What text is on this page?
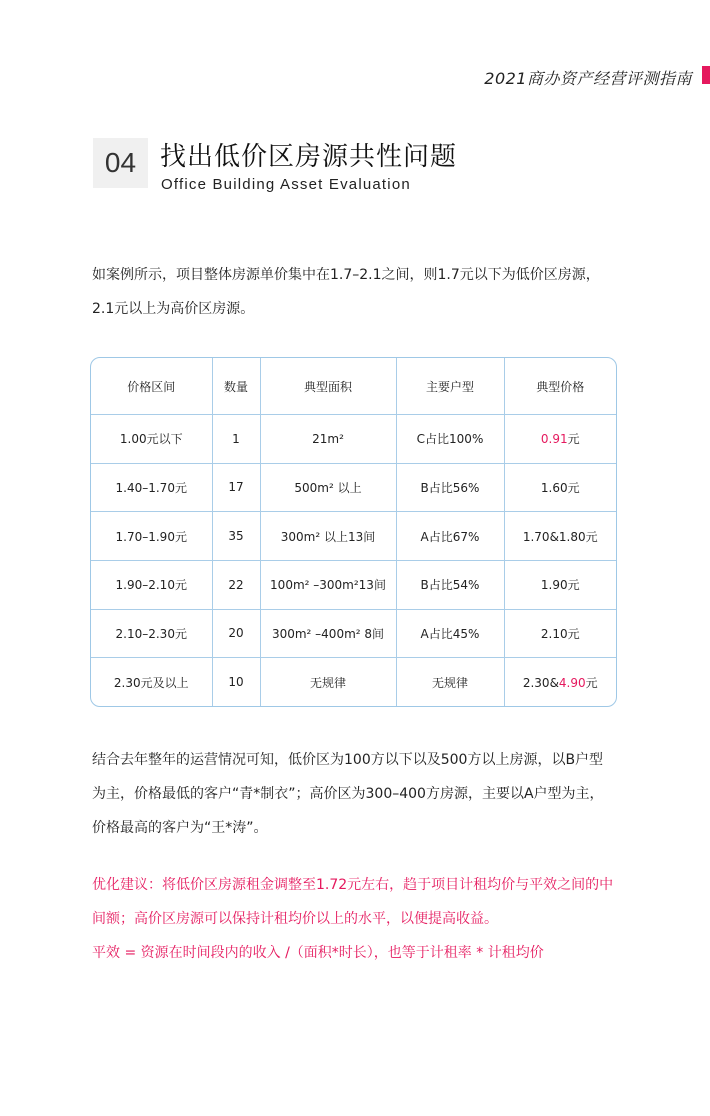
2021商办资产经营评测指南
04 找出低价区房源共性问题
Office Building Asset Evaluation
如案例所示，项目整体房源单价集中在1.7–2.1之间，则1.7元以下为低价区房源，
2.1元以上为高价区房源。
价格区间	数量	典型面积	主要户型	典型价格
1.00元以下	1	21m²	C占比100%	0.91元
1.40–1.70元	17	500m² 以上	B占比56%	1.60元
1.70–1.90元	35	300m² 以上13间	A占比67%	1.70&1.80元
1.90–2.10元	22	100m² –300m²13间	B占比54%	1.90元
2.10–2.30元	20	300m² –400m² 8间	A占比45%	2.10元
2.30元及以上	10	无规律	无规律	2.30&4.90元
结合去年整年的运营情况可知，低价区为100方以下以及500方以上房源，以B户型
为主，价格最低的客户“青*制衣”；高价区为300–400方房源，主要以A户型为主，
价格最高的客户为“王*涛”。
优化建议：将低价区房源租金调整至1.72元左右，趋于项目计租均价与平效之间的中
间额；高价区房源可以保持计租均价以上的水平，以便提高收益。
平效 = 资源在时间段内的收入 /（面积*时长），也等于计租率 * 计租均价
